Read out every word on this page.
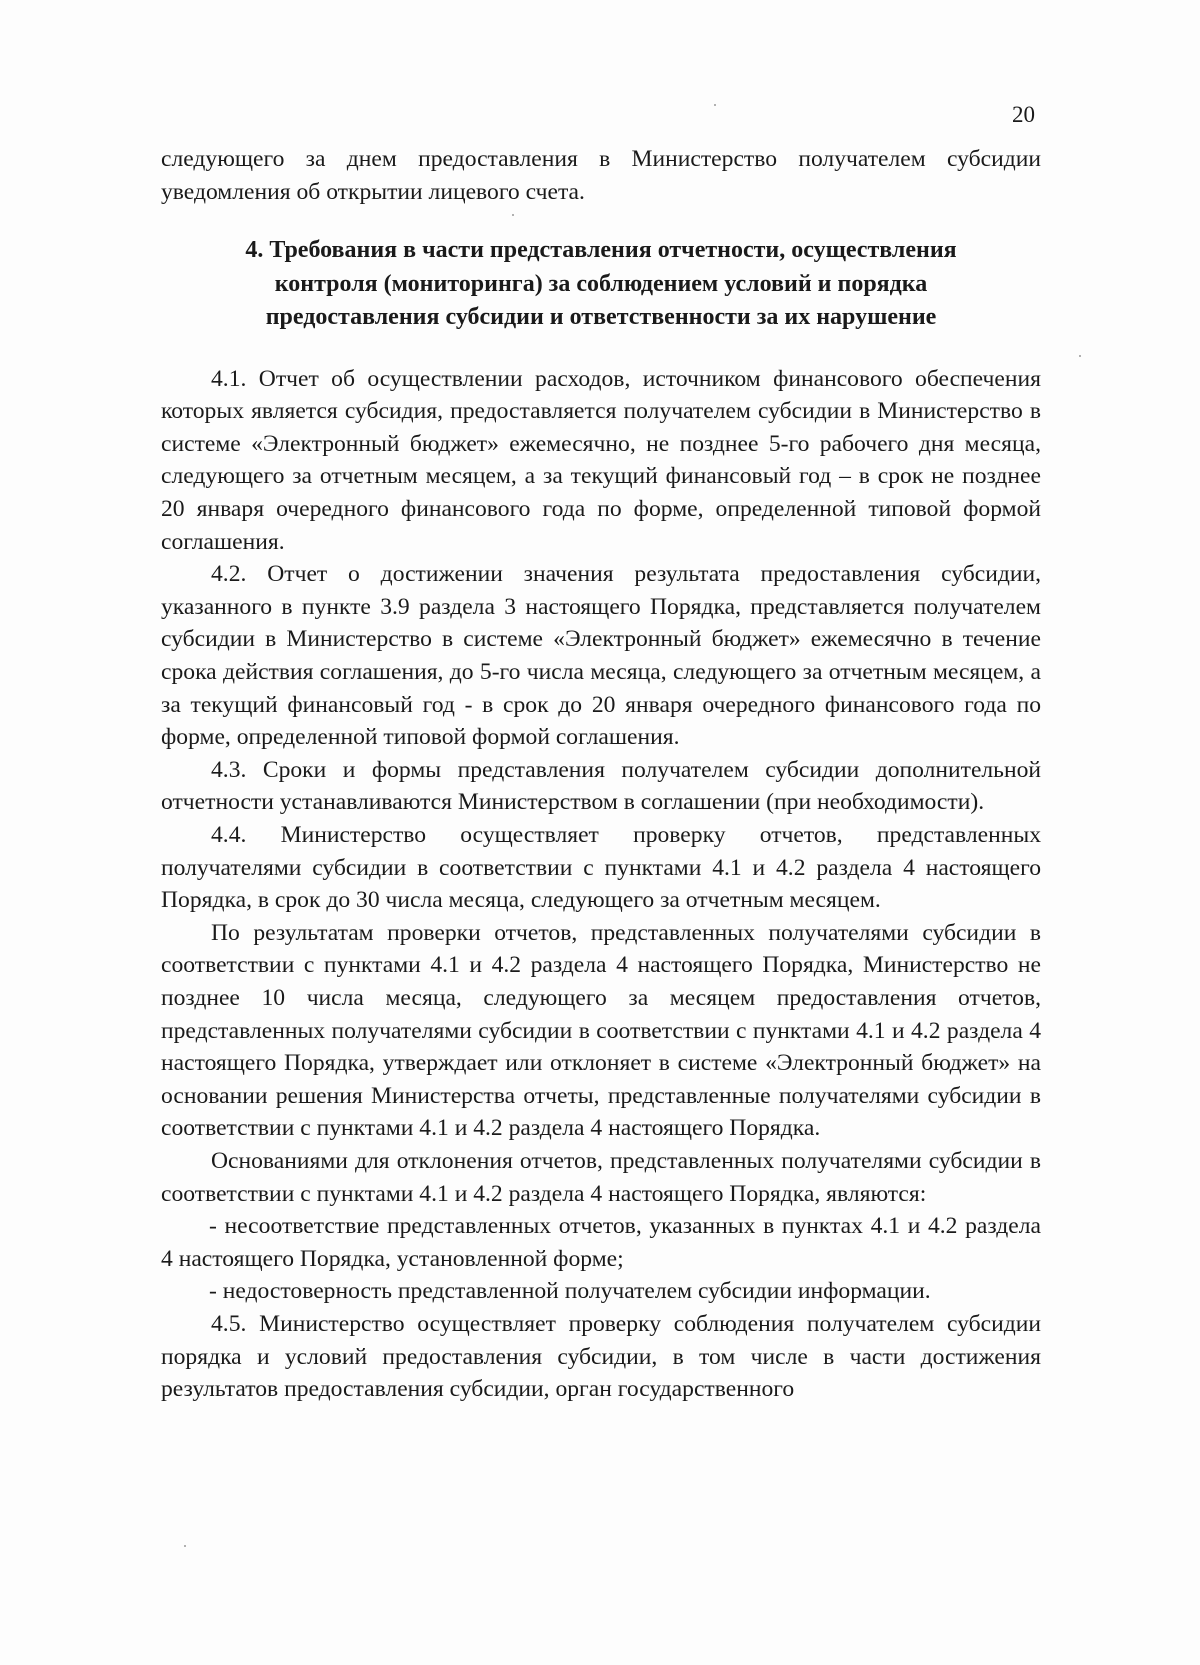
20

следующего за днем предоставления в Министерство получателем субсидии уведомления об открытии лицевого счета.

4. Требования в части представления отчетности, осуществления
контроля (мониторинга) за соблюдением условий и порядка
предоставления субсидии и ответственности за их нарушение

4.1. Отчет об осуществлении расходов, источником финансового обеспечения которых является субсидия, предоставляется получателем субсидии в Министерство в системе «Электронный бюджет» ежемесячно, не позднее 5-го рабочего дня месяца, следующего за отчетным месяцем, а за текущий финансовый год – в срок не позднее 20 января очередного финансового года по форме, определенной типовой формой соглашения.

4.2. Отчет о достижении значения результата предоставления субсидии, указанного в пункте 3.9 раздела 3 настоящего Порядка, представляется получателем субсидии в Министерство в системе «Электронный бюджет» ежемесячно в течение срока действия соглашения, до 5-го числа месяца, следующего за отчетным месяцем, а за текущий финансовый год - в срок до 20 января очередного финансового года по форме, определенной типовой формой соглашения.

4.3. Сроки и формы представления получателем субсидии дополнительной отчетности устанавливаются Министерством в соглашении (при необходимости).

4.4. Министерство осуществляет проверку отчетов, представленных получателями субсидии в соответствии с пунктами 4.1 и 4.2 раздела 4 настоящего Порядка, в срок до 30 числа месяца, следующего за отчетным месяцем.

По результатам проверки отчетов, представленных получателями субсидии в соответствии с пунктами 4.1 и 4.2 раздела 4 настоящего Порядка, Министерство не позднее 10 числа месяца, следующего за месяцем предоставления отчетов, представленных получателями субсидии в соответствии с пунктами 4.1 и 4.2 раздела 4 настоящего Порядка, утверждает или отклоняет в системе «Электронный бюджет» на основании решения Министерства отчеты, представленные получателями субсидии в соответствии с пунктами 4.1 и 4.2 раздела 4 настоящего Порядка.

Основаниями для отклонения отчетов, представленных получателями субсидии в соответствии с пунктами 4.1 и 4.2 раздела 4 настоящего Порядка, являются:

- несоответствие представленных отчетов, указанных в пунктах 4.1 и 4.2 раздела 4 настоящего Порядка, установленной форме;

- недостоверность представленной получателем субсидии информации.

4.5. Министерство осуществляет проверку соблюдения получателем субсидии порядка и условий предоставления субсидии, в том числе в части достижения результатов предоставления субсидии, орган государственного
